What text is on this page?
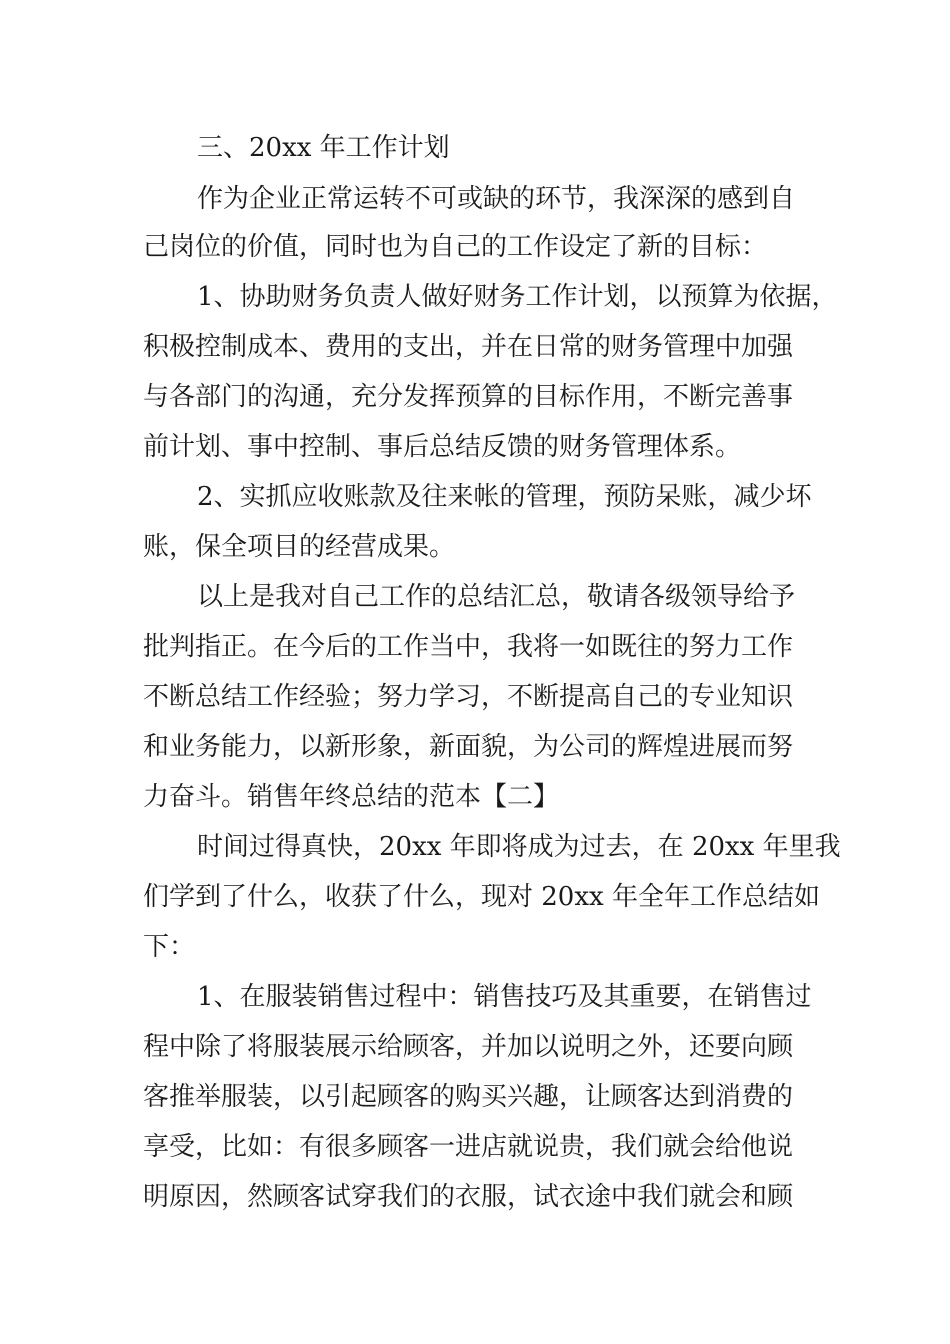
三、20xx 年工作计划
作为企业正常运转不可或缺的环节，我深深的感到自
己岗位的价值，同时也为自己的工作设定了新的目标：
1、协助财务负责人做好财务工作计划，以预算为依据，
积极控制成本、费用的支出，并在日常的财务管理中加强
与各部门的沟通，充分发挥预算的目标作用，不断完善事
前计划、事中控制、事后总结反馈的财务管理体系。
2、实抓应收账款及往来帐的管理，预防呆账，减少坏
账，保全项目的经营成果。
以上是我对自己工作的总结汇总，敬请各级领导给予
批判指正。在今后的工作当中，我将一如既往的努力工作
不断总结工作经验；努力学习，不断提高自己的专业知识
和业务能力，以新形象，新面貌，为公司的辉煌进展而努
力奋斗。销售年终总结的范本【二】
时间过得真快，20xx 年即将成为过去，在 20xx 年里我
们学到了什么，收获了什么，现对 20xx 年全年工作总结如
下：
1、在服装销售过程中：销售技巧及其重要，在销售过
程中除了将服装展示给顾客，并加以说明之外，还要向顾
客推举服装，以引起顾客的购买兴趣，让顾客达到消费的
享受，比如：有很多顾客一进店就说贵，我们就会给他说
明原因，然顾客试穿我们的衣服，试衣途中我们就会和顾
